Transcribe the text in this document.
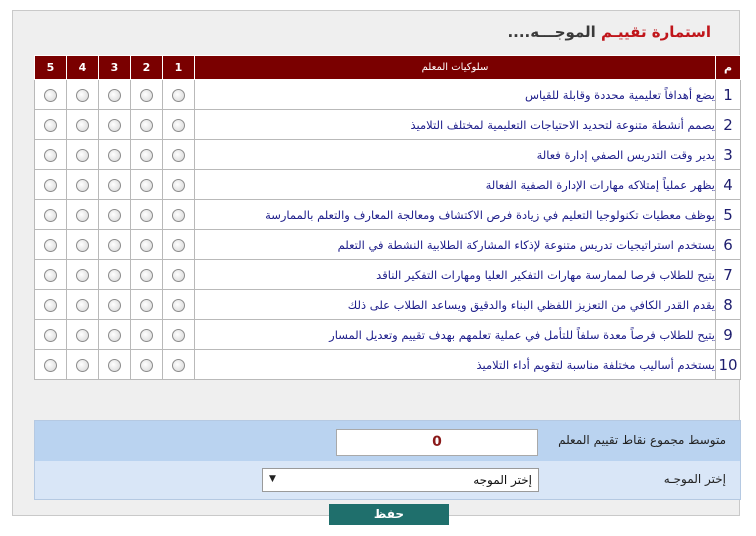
استمارة تقييـم الموجـــه....
5	4	3	2	1	سلوكيات المعلم	م
					يضع أهدافاً تعليمية محددة وقابلة للقياس	1
					يصمم أنشطة متنوعة لتحديد الاحتياجات التعليمية لمختلف التلاميذ	2
					يدير وقت التدريس الصفي إدارة فعالة	3
					يظهر عملياً إمتلاكه مهارات الإدارة الصفية الفعالة	4
					يوظف معطيات تكنولوجيا التعليم في زيادة فرص الاكتشاف ومعالجة المعارف والتعلم بالممارسة	5
					يستخدم استراتيجيات تدريس متنوعة لإذكاء المشاركة الطلابية النشطة في التعلم	6
					يتيح للطلاب فرصا لممارسة مهارات التفكير العليا ومهارات التفكير الناقد	7
					يقدم القدر الكافي من التعزيز اللفظي البناء والدقيق ويساعد الطلاب على ذلك	8
					يتيح للطلاب فرصاً معدة سلفاً للتأمل في عملية تعلمهم بهدف تقييم وتعديل المسار	9
					يستخدم أساليب مختلفة مناسبة لتقويم أداء التلاميذ	10
متوسط مجموع نقاط تقييم المعلم
0
إختر الموجـه
▼	إختر الموجه
حفظ
